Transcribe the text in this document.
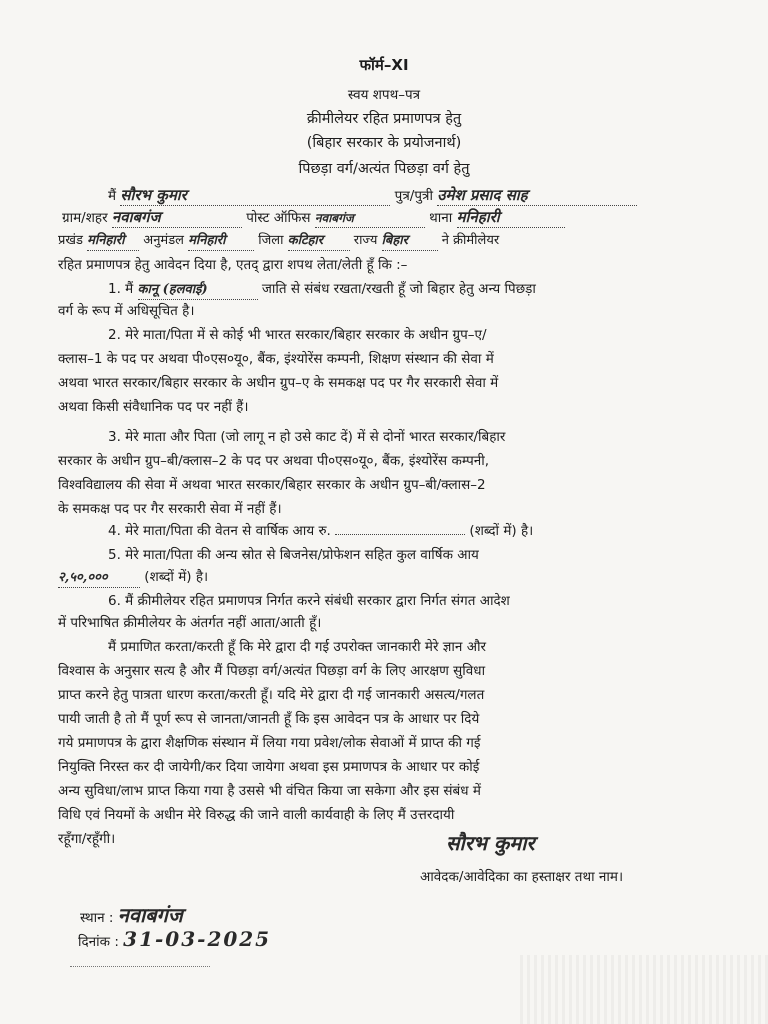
फॉर्म–XI
स्वय शपथ–पत्र
क्रीमीलेयर रहित प्रमाणपत्र हेतु
(बिहार सरकार के प्रयोजनार्थ)
पिछड़ा वर्ग/अत्यंत पिछड़ा वर्ग हेतु
मैं सौरभ कुमार	पुत्र/पुत्री उमेश प्रसाद साह
ग्राम/शहर नवाबगंज	पोस्ट ऑफिस नवाबगंज	थाना मनिहारी
प्रखंड मनिहारी अनुमंडल मनिहारी	जिला कटिहार राज्य बिहार	ने क्रीमीलेयर
रहित प्रमाणपत्र हेतु आवेदन दिया है, एतद् द्वारा शपथ लेता/लेती हूँ कि :–
1. मैं कानू (हलवाई)	जाति से संबंध रखता/रखती हूँ जो बिहार हेतु अन्य पिछड़ा
वर्ग के रूप में अधिसूचित है।
2. मेरे माता/पिता में से कोई भी भारत सरकार/बिहार सरकार के अधीन ग्रुप–ए/
क्लास–1 के पद पर अथवा पी०एस०यू०, बैंक, इंश्योरेंस कम्पनी, शिक्षण संस्थान की सेवा में
अथवा भारत सरकार/बिहार सरकार के अधीन ग्रुप–ए के समकक्ष पद पर गैर सरकारी सेवा में
अथवा किसी संवैधानिक पद पर नहीं हैं।
3. मेरे माता और पिता (जो लागू न हो उसे काट दें) में से दोनों भारत सरकार/बिहार
सरकार के अधीन ग्रुप–बी/क्लास–2 के पद पर अथवा पी०एस०यू०, बैंक, इंश्योरेंस कम्पनी,
विश्वविद्यालय की सेवा में अथवा भारत सरकार/बिहार सरकार के अधीन ग्रुप–बी/क्लास–2
के समकक्ष पद पर गैर सरकारी सेवा में नहीं हैं।
4. मेरे माता/पिता की वेतन से वार्षिक आय रु.	(शब्दों में) है।
5. मेरे माता/पिता की अन्य स्रोत से बिजनेस/प्रोफेशन सहित कुल वार्षिक आय
२,५०,०००	(शब्दों में) है।
6. मैं क्रीमीलेयर रहित प्रमाणपत्र निर्गत करने संबंधी सरकार द्वारा निर्गत संगत आदेश
में परिभाषित क्रीमीलेयर के अंतर्गत नहीं आता/आती हूँ।
मैं प्रमाणित करता/करती हूँ कि मेरे द्वारा दी गई उपरोक्त जानकारी मेरे ज्ञान और
विश्वास के अनुसार सत्य है और मैं पिछड़ा वर्ग/अत्यंत पिछड़ा वर्ग के लिए आरक्षण सुविधा
प्राप्त करने हेतु पात्रता धारण करता/करती हूँ। यदि मेरे द्वारा दी गई जानकारी असत्य/गलत
पायी जाती है तो मैं पूर्ण रूप से जानता/जानती हूँ कि इस आवेदन पत्र के आधार पर दिये
गये प्रमाणपत्र के द्वारा शैक्षणिक संस्थान में लिया गया प्रवेश/लोक सेवाओं में प्राप्त की गई
नियुक्ति निरस्त कर दी जायेगी/कर दिया जायेगा अथवा इस प्रमाणपत्र के आधार पर कोई
अन्य सुविधा/लाभ प्राप्त किया गया है उससे भी वंचित किया जा सकेगा और इस संबंध में
विधि एवं नियमों के अधीन मेरे विरुद्ध की जाने वाली कार्यवाही के लिए मैं उत्तरदायी
रहूँगा/रहूँगी।	सौरभ कुमार
आवेदक/आवेदिका का हस्ताक्षर तथा नाम।
स्थान : नवाबगंज
दिनांक : 31-03-2025
